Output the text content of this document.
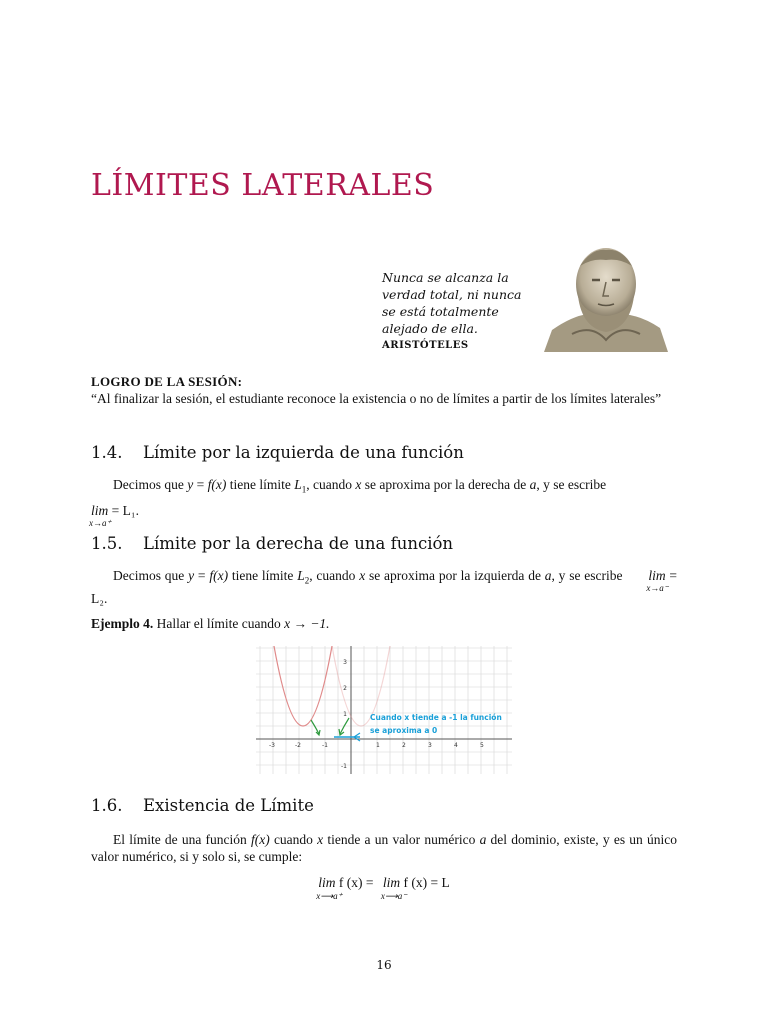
LÍMITES LATERALES
Nunca se alcanza la
verdad total, ni nunca
se está totalmente
alejado de ella.
ARISTÓTELES
LOGRO DE LA SESIÓN:
“Al finalizar la sesión, el estudiante reconoce la existencia o no de límites a partir de los límites laterales”
1.4. Límite por la izquierda de una función
Decimos que y = f(x) tiene límite $L_1$, cuando x se aproxima por la derecha de a, y se escribe
lim
x→a⁺
= L₁.
1.5. Límite por la derecha de una función
Decimos que y = f(x) tiene límite $L_2$, cuando x se aproxima por la izquierda de a, y se escribe lim
x→a⁻
= L₂.
Ejemplo 4. Hallar el límite cuando x → −1.
-3	-2	-1	1	2	3	4	5
3
2
1
-1
Cuando x tiende a -1 la función
se aproxima a 0
1.6. Existencia de Límite
El límite de una función f(x) cuando x tiende a un valor numérico a del dominio, existe, y es un único valor numérico, si y solo si, se cumple:
lim
x⟶a⁺
f (x) = lim
x⟶a⁻
f (x) = L
16
